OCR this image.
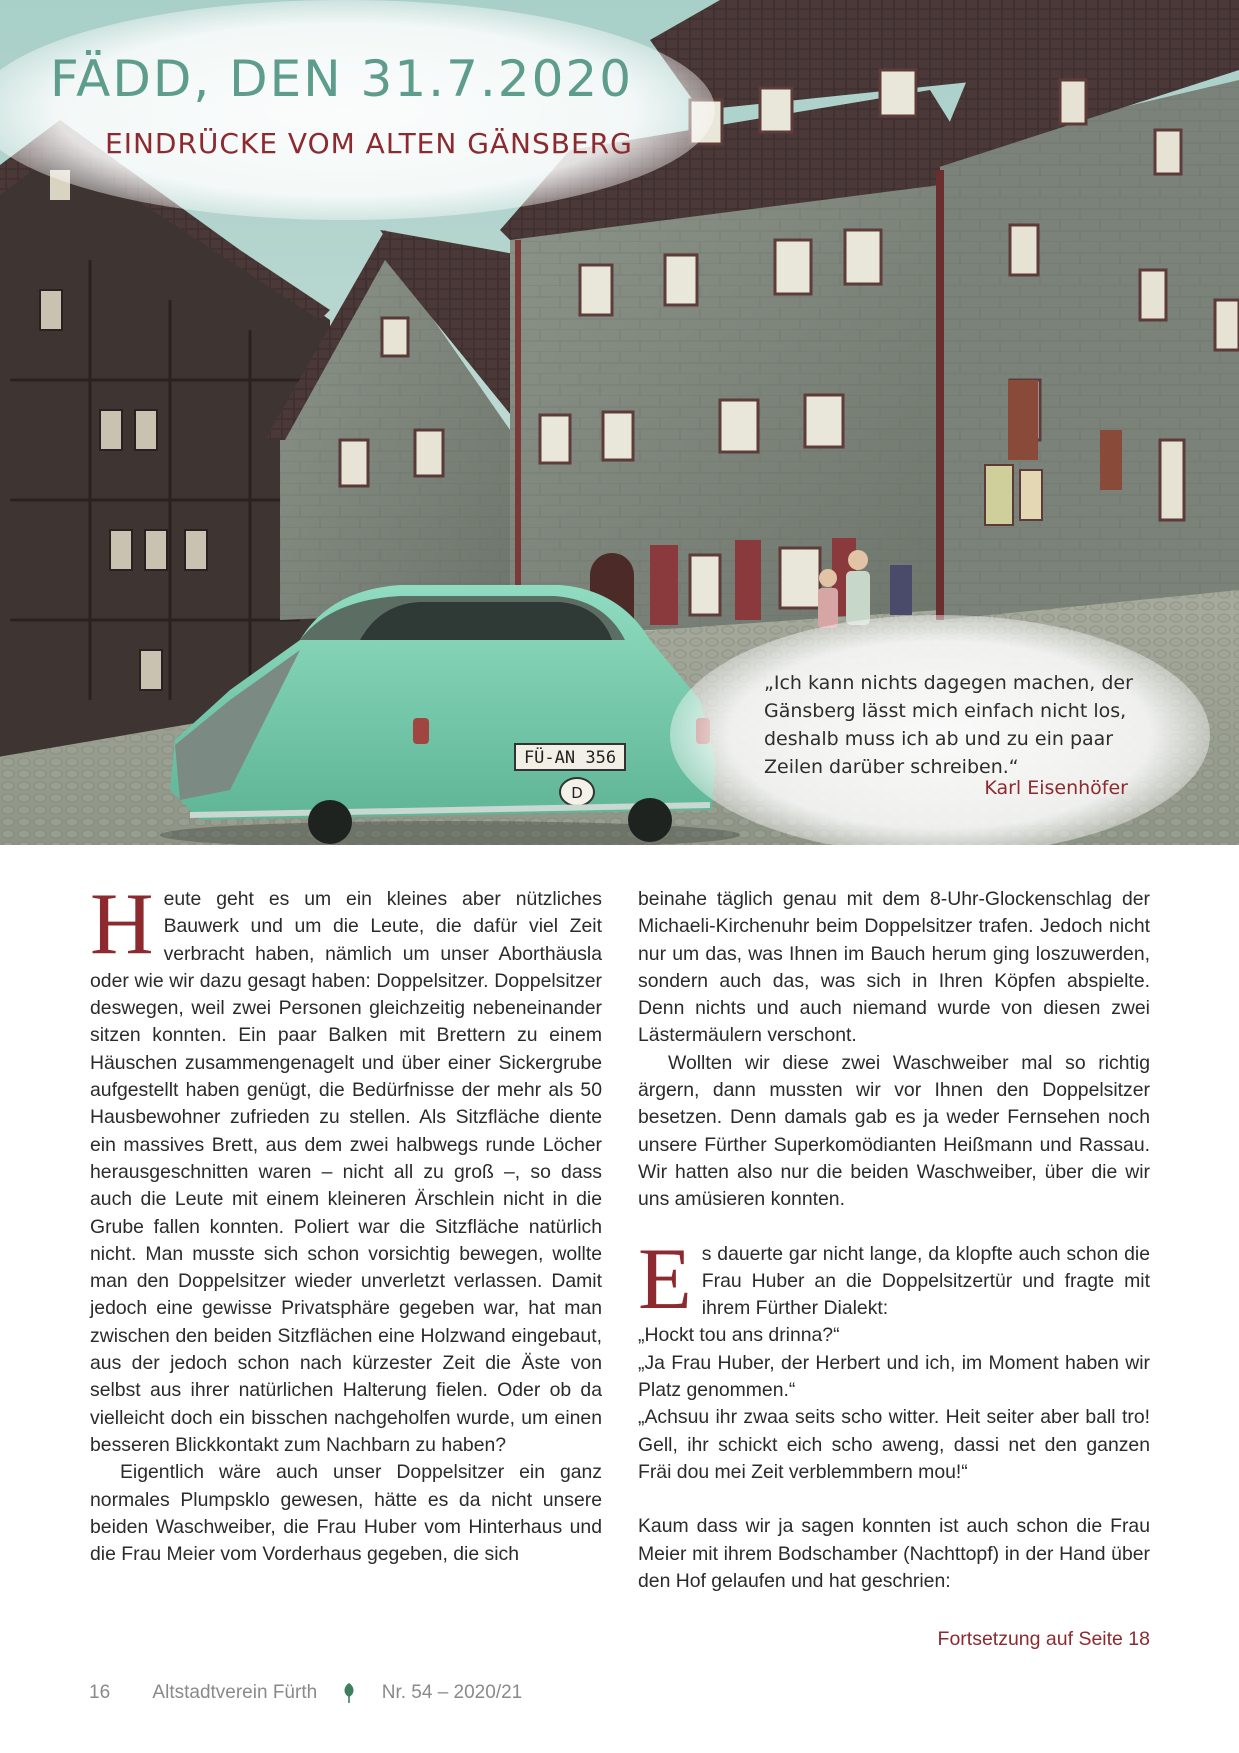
FÜ-AN 356
D
FÄDD, DEN 31.7.2020
EINDRÜCKE VOM ALTEN GÄNSBERG

„Ich kann nichts dagegen machen, der Gänsberg lässt mich einfach nicht los, deshalb muss ich ab und zu ein paar Zeilen darüber schreiben.“

Karl Eisenhöfer

Heute geht es um ein kleines aber nützliches Bauwerk und um die Leute, die dafür viel Zeit verbracht haben, nämlich um unser Aborthäusla oder wie wir dazu gesagt haben: Doppelsitzer. Doppelsitzer deswegen, weil zwei Personen gleichzeitig nebeneinander sitzen konnten. Ein paar Balken mit Brettern zu einem Häuschen zusammengenagelt und über einer Sickergrube aufgestellt haben genügt, die Bedürfnisse der mehr als 50 Hausbewohner zufrieden zu stellen. Als Sitzfläche diente ein massives Brett, aus dem zwei halbwegs runde Löcher herausgeschnitten waren – nicht all zu groß –, so dass auch die Leute mit einem kleineren Ärschlein nicht in die Grube fallen konnten. Poliert war die Sitzfläche natürlich nicht. Man musste sich schon vorsichtig bewegen, wollte man den Doppelsitzer wieder unverletzt verlassen. Damit jedoch eine gewisse Privatsphäre gegeben war, hat man zwischen den beiden Sitzflächen eine Holzwand eingebaut, aus der jedoch schon nach kürzester Zeit die Äste von selbst aus ihrer natürlichen Halterung fielen. Oder ob da vielleicht doch ein bisschen nachgeholfen wurde, um einen besseren Blickkontakt zum Nachbarn zu haben?

Eigentlich wäre auch unser Doppelsitzer ein ganz normales Plumpsklo gewesen, hätte es da nicht unsere beiden Waschweiber, die Frau Huber vom Hinterhaus und die Frau Meier vom Vorderhaus gegeben, die sich

beinahe täglich genau mit dem 8-Uhr-Glockenschlag der Michaeli-Kirchenuhr beim Doppelsitzer trafen. Jedoch nicht nur um das, was Ihnen im Bauch herum ging loszuwerden, sondern auch das, was sich in Ihren Köpfen abspielte. Denn nichts und auch niemand wurde von diesen zwei Lästermäulern verschont.

Wollten wir diese zwei Waschweiber mal so richtig ärgern, dann mussten wir vor Ihnen den Doppelsitzer besetzen. Denn damals gab es ja weder Fernsehen noch unsere Fürther Superkomödianten Heißmann und Rassau. Wir hatten also nur die beiden Waschweiber, über die wir uns amüsieren konnten.

Es dauerte gar nicht lange, da klopfte auch schon die Frau Huber an die Doppelsitzertür und fragte mit ihrem Fürther Dialekt:

„Hockt tou ans drinna?“

„Ja Frau Huber, der Herbert und ich, im Moment haben wir Platz genommen.“

„Achsuu ihr zwaa seits scho witter. Heit seiter aber ball tro! Gell, ihr schickt eich scho aweng, dassi net den ganzen Fräi dou mei Zeit verblemmbern mou!“

Kaum dass wir ja sagen konnten ist auch schon die Frau Meier mit ihrem Bodschamber (Nachttopf) in der Hand über den Hof gelaufen und hat geschrien:

Fortsetzung auf Seite 18
16 Altstadtverein Fürth	Nr. 54 – 2020/21
